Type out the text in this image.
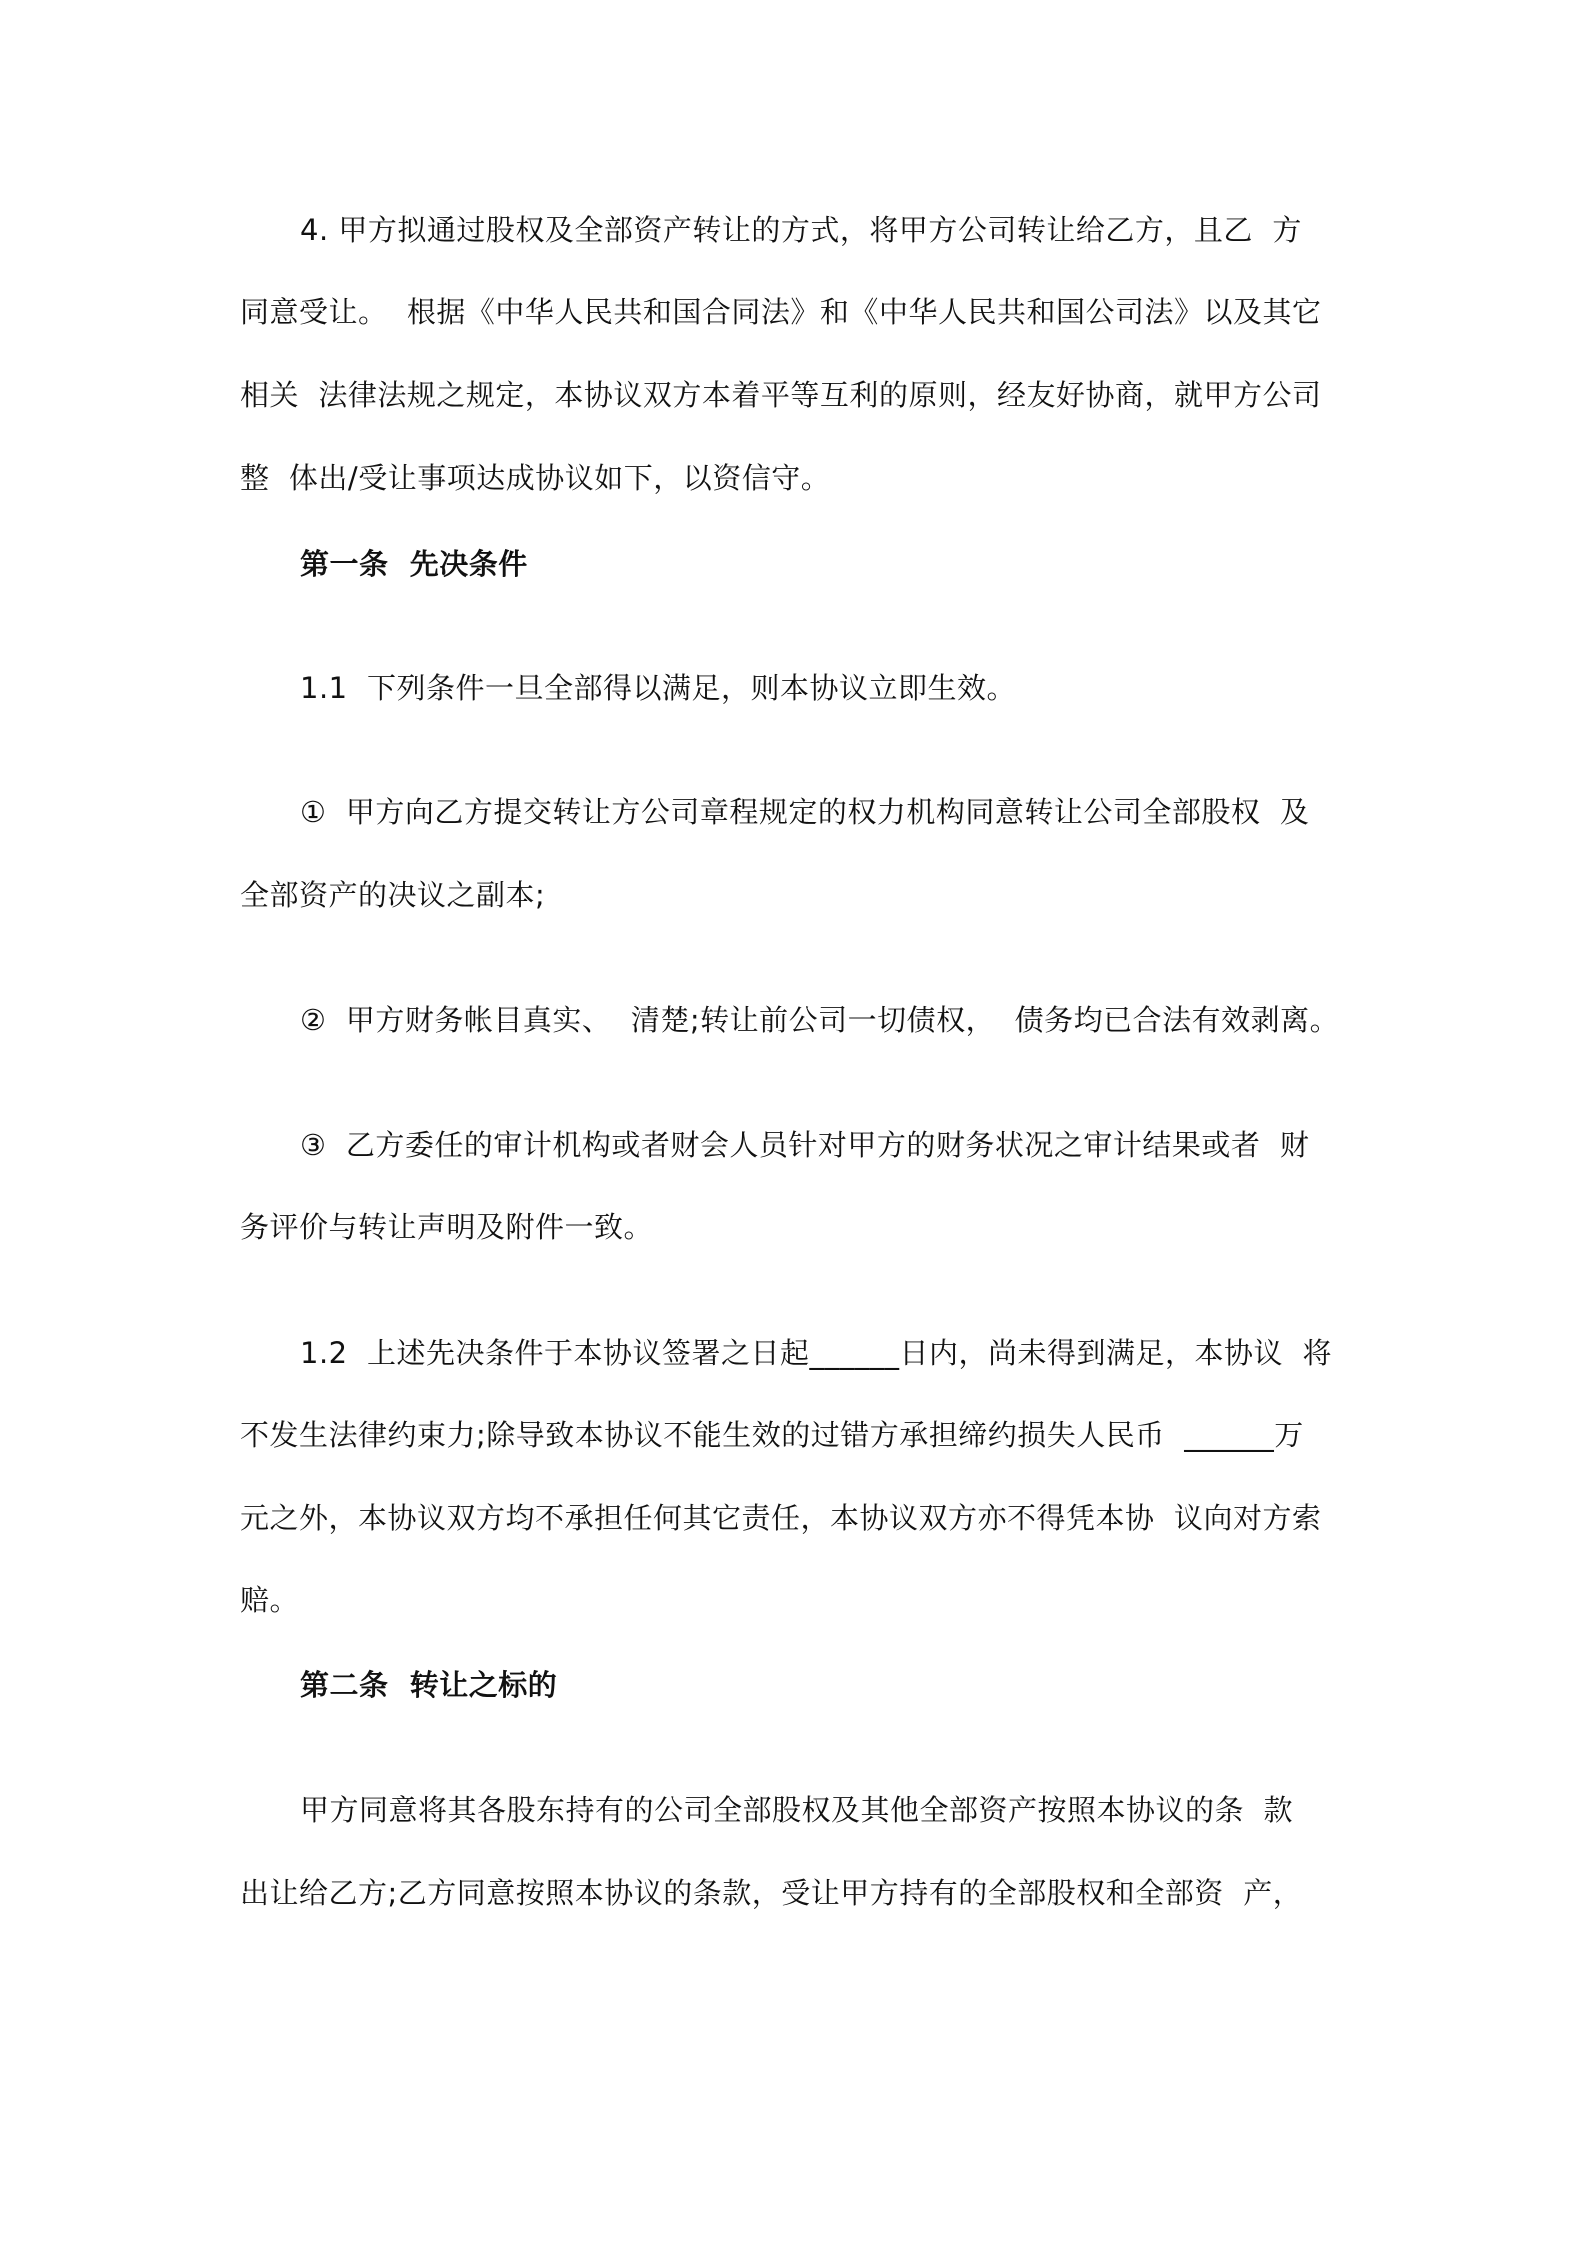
4. 甲方拟通过股权及全部资产转让的方式，将甲方公司转让给乙方，且乙  方
同意受让。  根据《中华人民共和国合同法》和《中华人民共和国公司法》以及其它
相关  法律法规之规定，本协议双方本着平等互利的原则，经友好协商，就甲方公司
整  体出/受让事项达成协议如下，以资信守。
第一条  先决条件
1.1  下列条件一旦全部得以满足，则本协议立即生效。
①  甲方向乙方提交转让方公司章程规定的权力机构同意转让公司全部股权  及
全部资产的决议之副本;
②  甲方财务帐目真实、  清楚;转让前公司一切债权，  债务均已合法有效剥离。
③  乙方委任的审计机构或者财会人员针对甲方的财务状况之审计结果或者  财
务评价与转让声明及附件一致。
1.2  上述先决条件于本协议签署之日起______日内，尚未得到满足，本协议  将
不发生法律约束力;除导致本协议不能生效的过错方承担缔约损失人民币  ______万
元之外，本协议双方均不承担任何其它责任，本协议双方亦不得凭本协  议向对方索
赔。
第二条  转让之标的
甲方同意将其各股东持有的公司全部股权及其他全部资产按照本协议的条  款
出让给乙方;乙方同意按照本协议的条款，受让甲方持有的全部股权和全部资  产，
